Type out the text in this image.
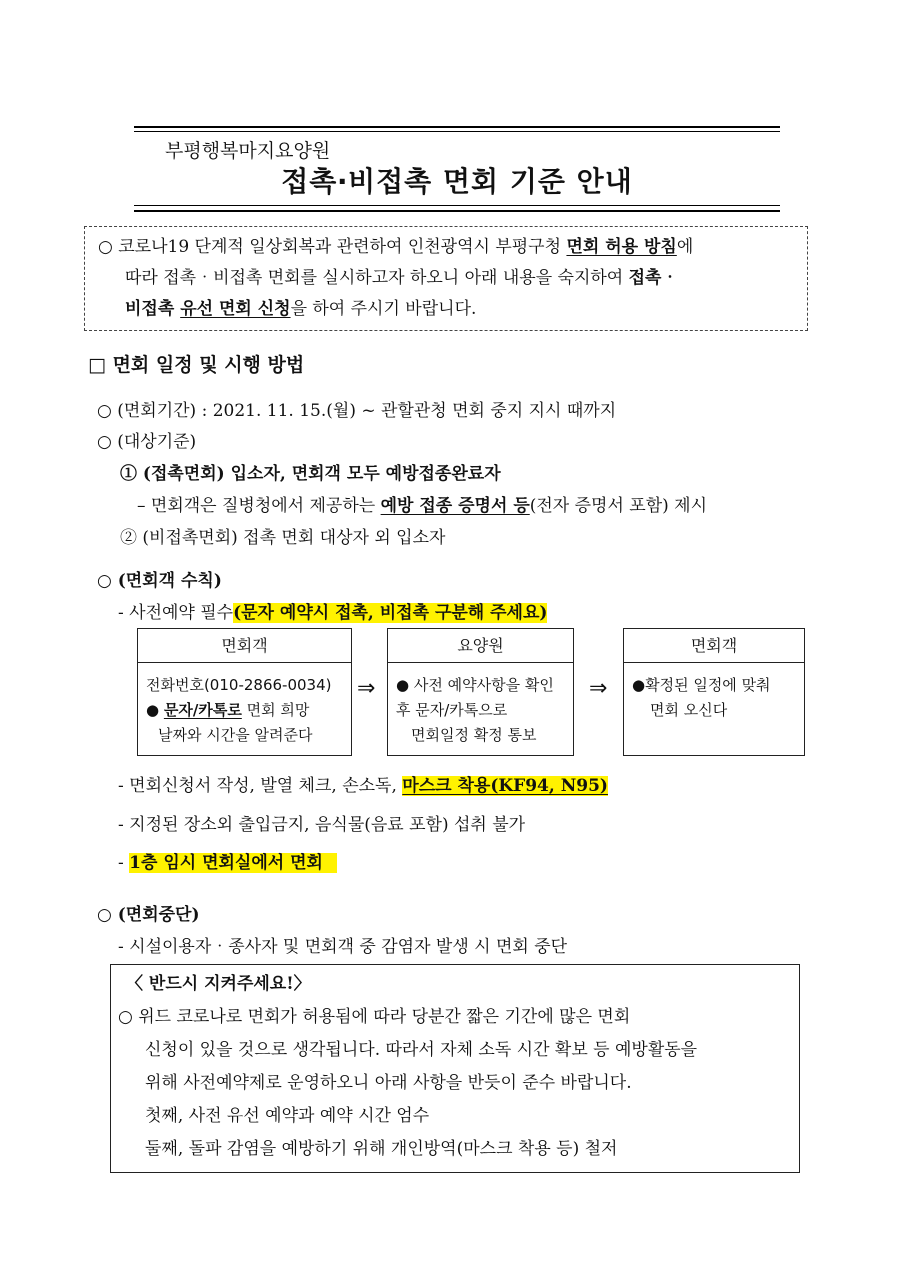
부평행복마지요양원
접촉‧비접촉 면회 기준 안내
○ 코로나19 단계적 일상회복과 관련하여 인천광역시 부평구청 면회 허용 방침에
따라 접촉‧비접촉 면회를 실시하고자 하오니 아래 내용을 숙지하여 접촉‧
비접촉 유선 면회 신청을 하여 주시기 바랍니다.
□ 면회 일정 및 시행 방법
○ (면회기간) : 2021. 11. 15.(월) ~ 관할관청 면회 중지 지시 때까지
○ (대상기준)
① (접촉면회) 입소자, 면회객 모두 예방접종완료자
– 면회객은 질병청에서 제공하는 예방 접종 증명서 등(전자 증명서 포함) 제시
② (비접촉면회) 접촉 면회 대상자 외 입소자
○ (면회객 수칙)
- 사전예약 필수(문자 예약시 접촉, 비접촉 구분해 주세요)
면회객
전화번호(010-2866-0034)
● 문자/카톡로 면회 희망
날짜와 시간을 알려준다
⇒
요양원
● 사전 예약사항을 확인
후 문자/카톡으로
면회일정 확정 통보
⇒
면회객
●확정된 일정에 맞춰
면회 오신다
- 면회신청서 작성, 발열 체크, 손소독, 마스크 착용(KF94, N95)
- 지정된 장소외 출입금지, 음식물(음료 포함) 섭취 불가
- 1층 임시 면회실에서 면회
○ (면회중단)
- 시설이용자‧종사자 및 면회객 중 감염자 발생 시 면회 중단
〈 반드시 지켜주세요!〉
○ 위드 코로나로 면회가 허용됨에 따라 당분간 짧은 기간에 많은 면회
신청이 있을 것으로 생각됩니다. 따라서 자체 소독 시간 확보 등 예방활동을
위해 사전예약제로 운영하오니 아래 사항을 반듯이 준수 바랍니다.
첫째, 사전 유선 예약과 예약 시간 엄수
둘째, 돌파 감염을 예방하기 위해 개인방역(마스크 착용 등) 철저
